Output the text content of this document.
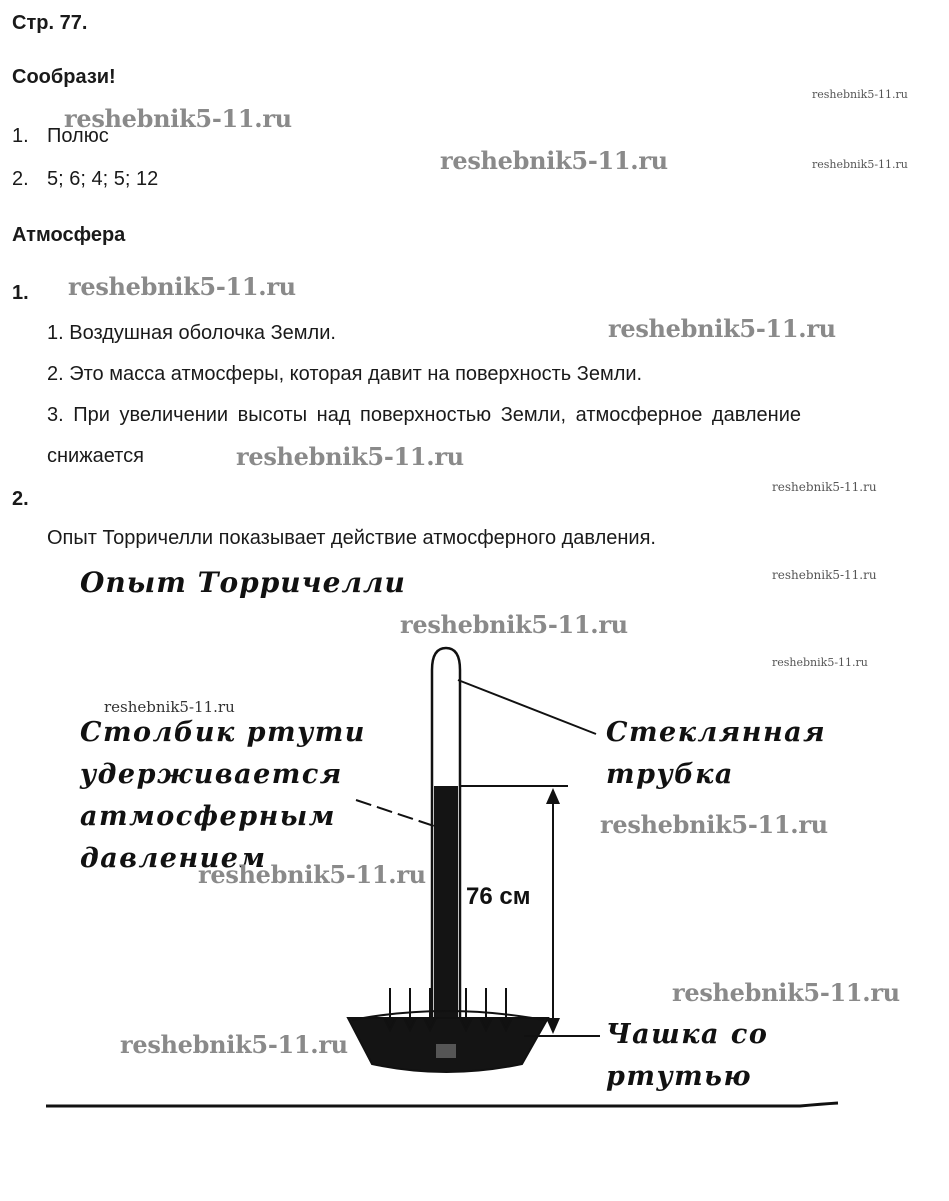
Стр. 77.
Сообрази!
1. Полюс
2. 5; 6; 4; 5; 12
Атмосфера
1.
1. Воздушная оболочка Земли.
2. Это масса атмосферы, которая давит на поверхность Земли.
3. При увеличении высоты над поверхностью Земли, атмосферное давление
снижается
2.
Опыт Торричелли показывает действие атмосферного давления.
Опыт Торричелли
76 см
Столбик ртути
удерживается
атмосферным
давлением
Стеклянная
трубка
Чашка со
ртутью
reshebnik5-11.ru
reshebnik5-11.ru
reshebnik5-11.ru
reshebnik5-11.ru
reshebnik5-11.ru
reshebnik5-11.ru
reshebnik5-11.ru
reshebnik5-11.ru
reshebnik5-11.ru
reshebnik5-11.ru
reshebnik5-11.ru
reshebnik5-11.ru
reshebnik5-11.ru
reshebnik5-11.ru
reshebnik5-11.ru
reshebnik5-11.ru
